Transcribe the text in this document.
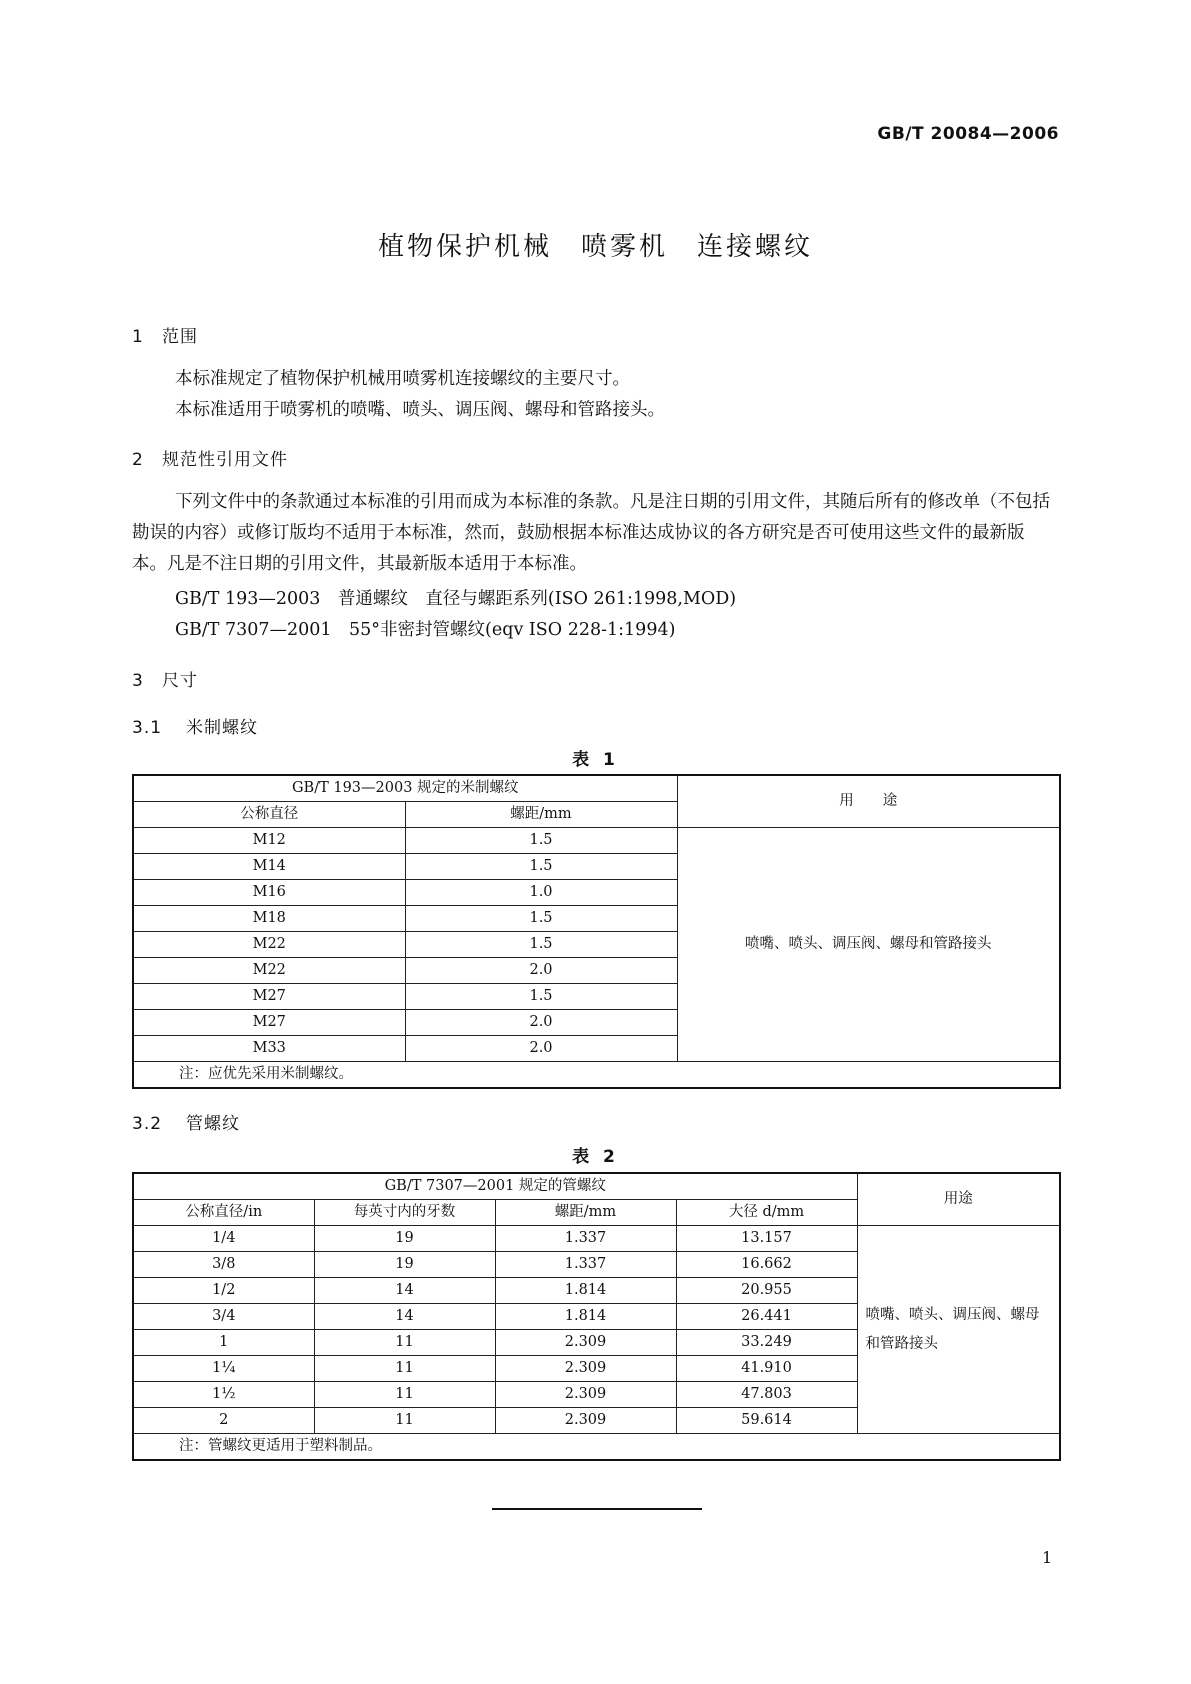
GB/T 20084—2006
植物保护机械　喷雾机　连接螺纹
1 范围
本标准规定了植物保护机械用喷雾机连接螺纹的主要尺寸。
本标准适用于喷雾机的喷嘴、喷头、调压阀、螺母和管路接头。
2 规范性引用文件
下列文件中的条款通过本标准的引用而成为本标准的条款。凡是注日期的引用文件，其随后所有的修改单（不包括勘误的内容）或修订版均不适用于本标准，然而，鼓励根据本标准达成协议的各方研究是否可使用这些文件的最新版本。凡是不注日期的引用文件，其最新版本适用于本标准。
GB/T 193—2003　普通螺纹　直径与螺距系列(ISO 261:1998,MOD)
GB/T 7307—2001　55°非密封管螺纹(eqv ISO 228-1:1994)
3 尺寸
3.1 米制螺纹
表 1
GB/T 193—2003 规定的米制螺纹		用　　途
公称直径	螺距/mm	
M12	1.5	喷嘴、喷头、调压阀、螺母和管路接头
M14	1.5	
M16	1.0	
M18	1.5	
M22	1.5	
M22	2.0	
M27	1.5	
M27	2.0	
M33	2.0	
注：应优先采用米制螺纹。		
3.2 管螺纹
表 2
GB/T 7307—2001 规定的管螺纹				用途
公称直径/in	每英寸内的牙数	螺距/mm	大径 d/mm	
1/4	19	1.337	13.157	喷嘴、喷头、调压阀、螺母和管路接头
3/8	19	1.337	16.662	
1/2	14	1.814	20.955	
3/4	14	1.814	26.441	
1	11	2.309	33.249	
1¼	11	2.309	41.910	
1½	11	2.309	47.803	
2	11	2.309	59.614	
注：管螺纹更适用于塑料制品。				
1
